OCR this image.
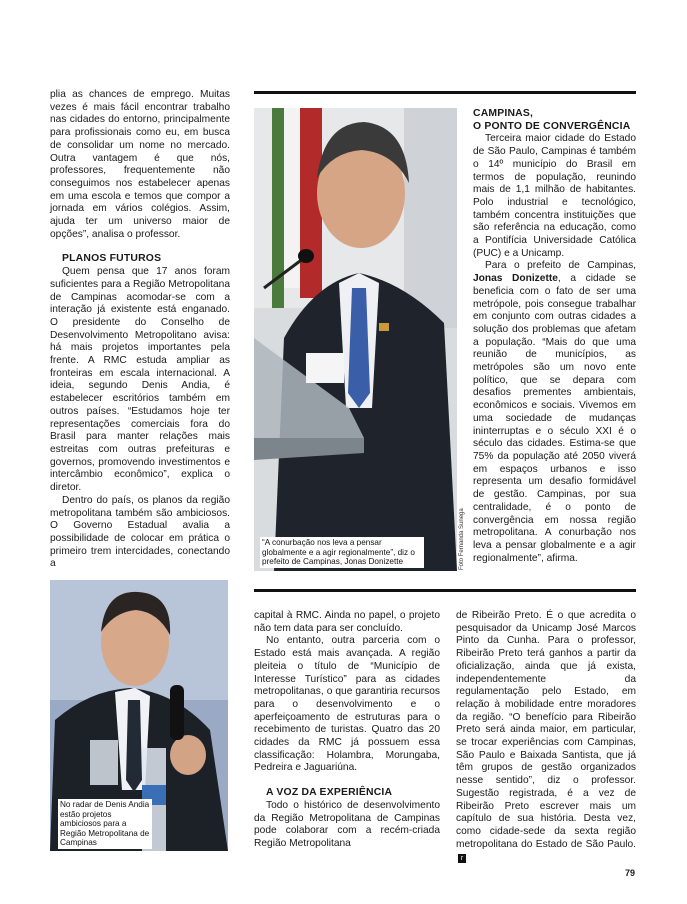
plia as chances de emprego. Muitas vezes é mais fácil encontrar trabalho nas cidades do entorno, principalmente para profissionais como eu, em busca de consolidar um nome no mercado. Outra vantagem é que nós, professores, frequentemente não conseguimos nos estabelecer apenas em uma escola e temos que compor a jornada em vários colégios. Assim, ajuda ter um universo maior de opções”, analisa o professor.

PLANOS FUTUROS

Quem pensa que 17 anos foram suficientes para a Região Metropolitana de Campinas acomodar-se com a interação já existente está enganado. O presidente do Conselho de Desenvolvimento Metropolitano avisa: há mais projetos importantes pela frente. A RMC estuda ampliar as fronteiras em escala internacional. A ideia, segundo Denis Andia, é estabelecer escritórios também em outros países. “Estudamos hoje ter representações comerciais fora do Brasil para manter relações mais estreitas com outras prefeituras e governos, promovendo investimentos e intercâmbio econômico”, explica o diretor.

Dentro do país, os planos da região metropolitana também são ambiciosos. O Governo Estadual avalia a possibilidade de colocar em prática o primeiro trem intercidades, conectando a

“A conurbação nos leva a pensar globalmente e a agir regionalmente”, diz o prefeito de Campinas, Jonas Donizette	Foto Fernanda Sunega
CAMPINAS,
O PONTO DE CONVERGÊNCIA

Terceira maior cidade do Estado de São Paulo, Campinas é também o 14º município do Brasil em termos de população, reunindo mais de 1,1 milhão de habitantes. Polo industrial e tecnológico, também concentra instituições que são referência na educação, como a Pontifícia Universidade Católica (PUC) e a Unicamp.

Para o prefeito de Campinas, Jonas Donizette, a cidade se beneficia com o fato de ser uma metrópole, pois consegue trabalhar em conjunto com outras cidades a solução dos problemas que afetam a população. “Mais do que uma reunião de municípios, as metrópoles são um novo ente político, que se depara com desafios prementes ambientais, econômicos e sociais. Vivemos em uma sociedade de mudanças ininterruptas e o século XXI é o século das cidades. Estima-se que 75% da população até 2050 viverá em espaços urbanos e isso representa um desafio formidável de gestão. Campinas, por sua centralidade, é o ponto de convergência em nossa região metropolitana. A conurbação nos leva a pensar globalmente e a agir regionalmente”, afirma.

No radar de Denis Andia estão projetos ambiciosos para a Região Metropolitana de Campinas

capital à RMC. Ainda no papel, o projeto não tem data para ser concluído.

No entanto, outra parceria com o Estado está mais avançada. A região pleiteia o título de “Município de Interesse Turístico” para as cidades metropolitanas, o que garantiria recursos para o desenvolvimento e o aperfeiçoamento de estruturas para o recebimento de turistas. Quatro das 20 cidades da RMC já possuem essa classificação: Holambra, Morungaba, Pedreira e Jaguariúna.

A VOZ DA EXPERIÊNCIA

Todo o histórico de desenvolvimento da Região Metropolitana de Campinas pode colaborar com a recém-criada Região Metropolitana

de Ribeirão Preto. É o que acredita o pesquisador da Unicamp José Marcos Pinto da Cunha. Para o professor, Ribeirão Preto terá ganhos a partir da oficialização, ainda que já exista, independentemente da regulamentação pelo Estado, em relação à mobilidade entre moradores da região. “O benefício para Ribeirão Preto será ainda maior, em particular, se trocar experiências com Campinas, São Paulo e Baixada Santista, que já têm grupos de gestão organizados nesse sentido”, diz o professor. Sugestão registrada, é a vez de Ribeirão Preto escrever mais um capítulo de sua história. Desta vez, como cidade-sede da sexta região metropolitana do Estado de São Paulo.r

79
